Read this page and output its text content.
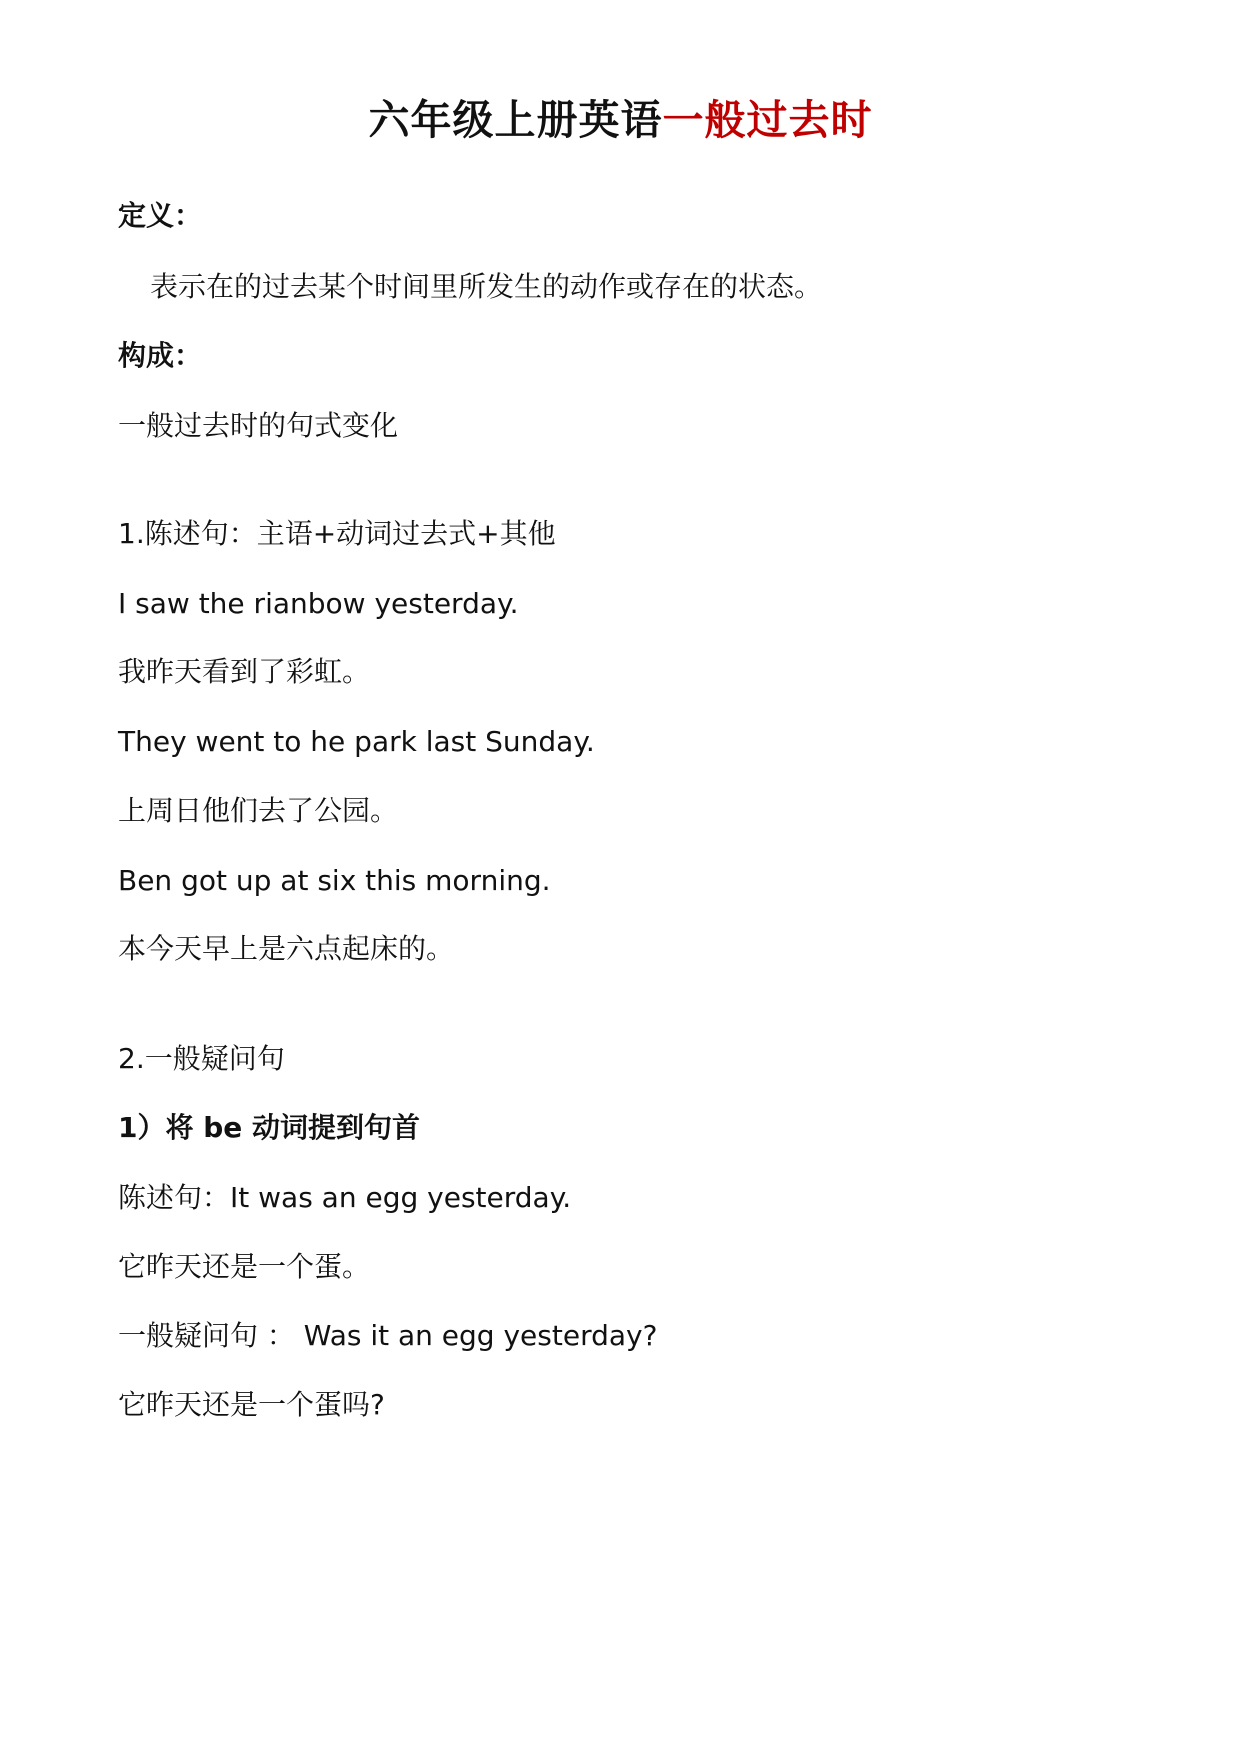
六年级上册英语一般过去时
定义：
表示在的过去某个时间里所发生的动作或存在的状态。
构成：
一般过去时的句式变化
1.陈述句：主语+动词过去式+其他
I saw the rianbow yesterday.
我昨天看到了彩虹。
They went to he park last Sunday.
上周日他们去了公园。
Ben got up at six this morning.
本今天早上是六点起床的。
2.一般疑问句
1）将 be 动词提到句首
陈述句：It was an egg yesterday.
它昨天还是一个蛋。
一般疑问句 ： Was it an egg yesterday?
它昨天还是一个蛋吗?
